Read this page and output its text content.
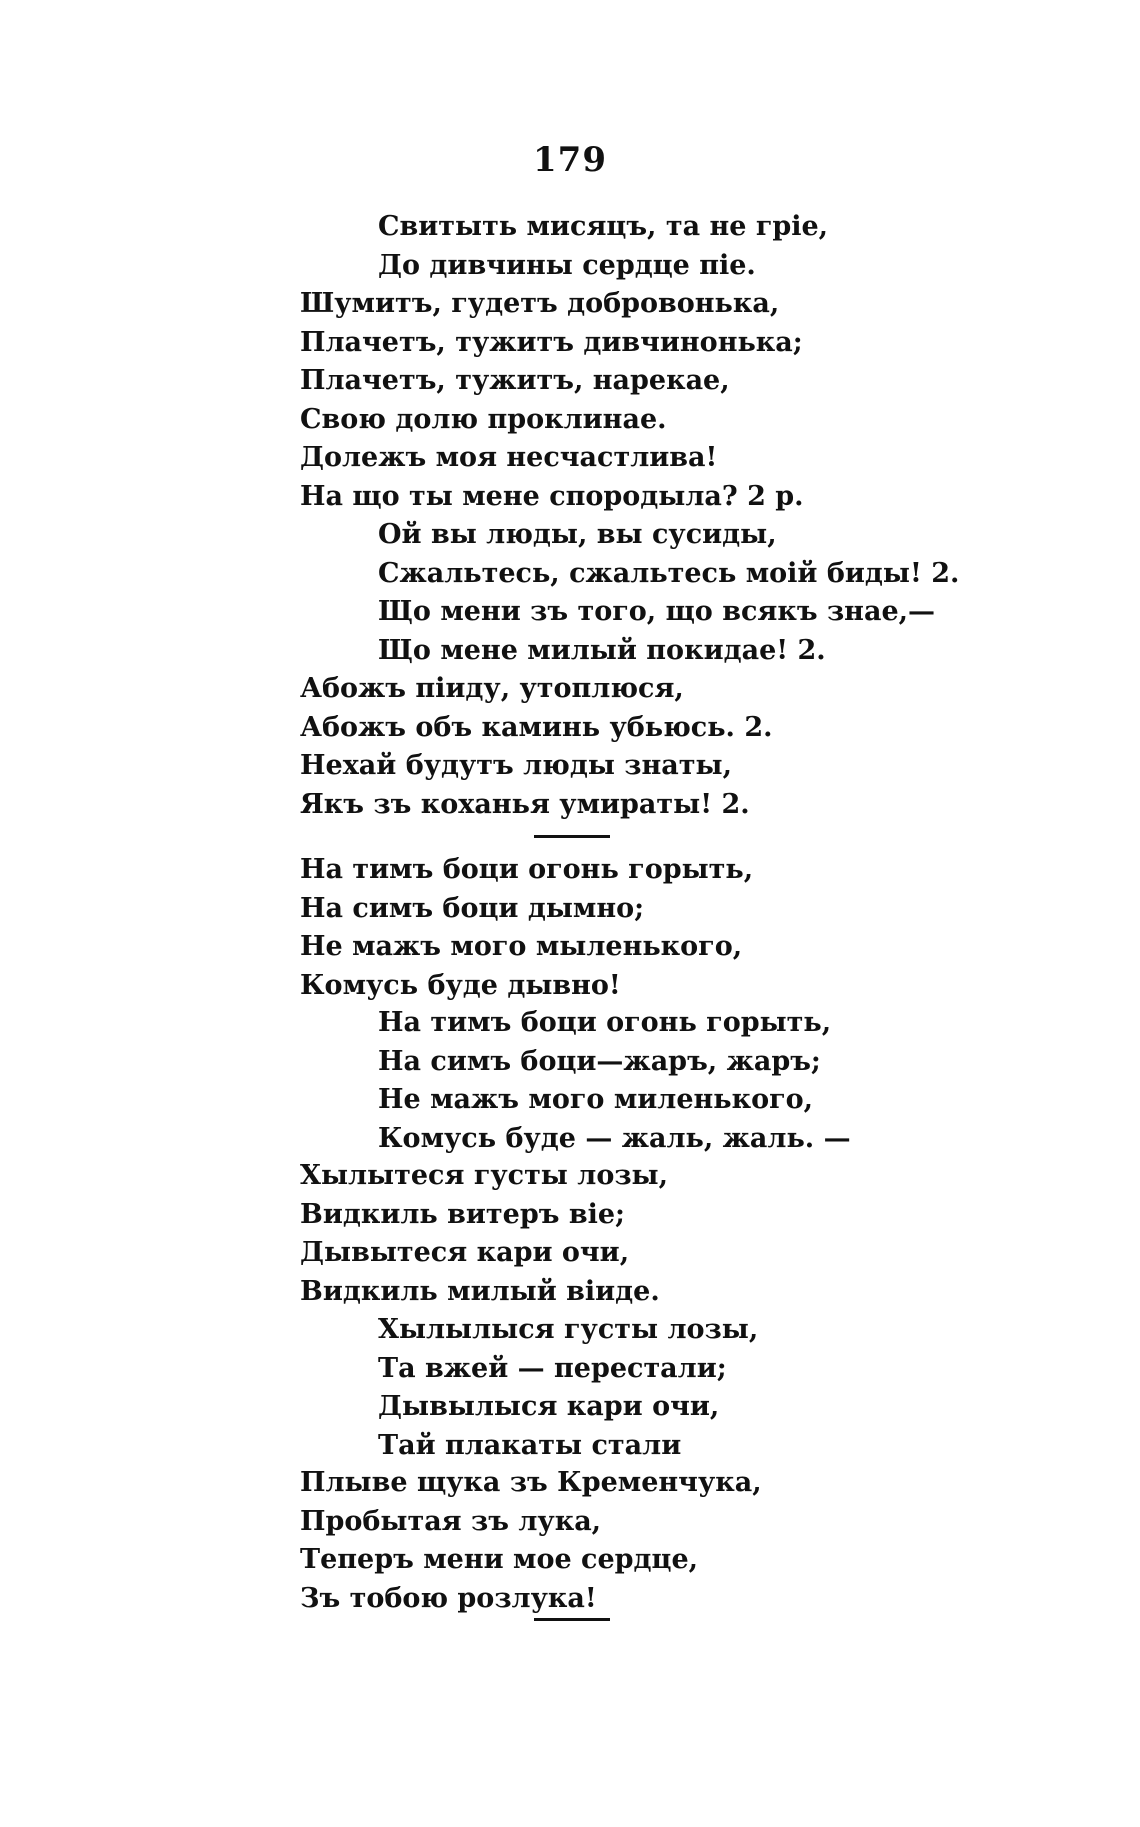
179
Свитыть мисяцъ, та не гріе,
До дивчины сердце піе.
Шумитъ, гудетъ добровонька,
Плачетъ, тужитъ дивчинонька;
Плачетъ, тужитъ, нарекае,
Свою долю проклинае.
Долежъ моя несчастлива!
На що ты мене спородыла? 2 р.
Ой вы люды, вы сусиды,
Сжальтесь, сжальтесь моій биды! 2.
Що мени зъ того, що всякъ знае,—
Що мене милый покидае! 2.
Абожъ піиду, утоплюся,
Абожъ объ каминь убьюсь. 2.
Нехай будутъ люды знаты,
Якъ зъ коханья умираты! 2.
На тимъ боци огонь горыть,
На симъ боци дымно;
Не мажъ мого мыленького,
Комусь буде дывно!
На тимъ боци огонь горыть,
На симъ боци—жаръ, жаръ;
Не мажъ мого миленького,
Комусь буде — жаль, жаль. —
Хылытеся густы лозы,
Видкиль витеръ віе;
Дывытеся кари очи,
Видкиль милый віиде.
Хылылыся густы лозы,
Та вжей — перестали;
Дывылыся кари очи,
Тай плакаты стали
Плыве щука зъ Кременчука,
Пробытая зъ лука,
Теперъ мени мое сердце,
Зъ тобою розлука!
